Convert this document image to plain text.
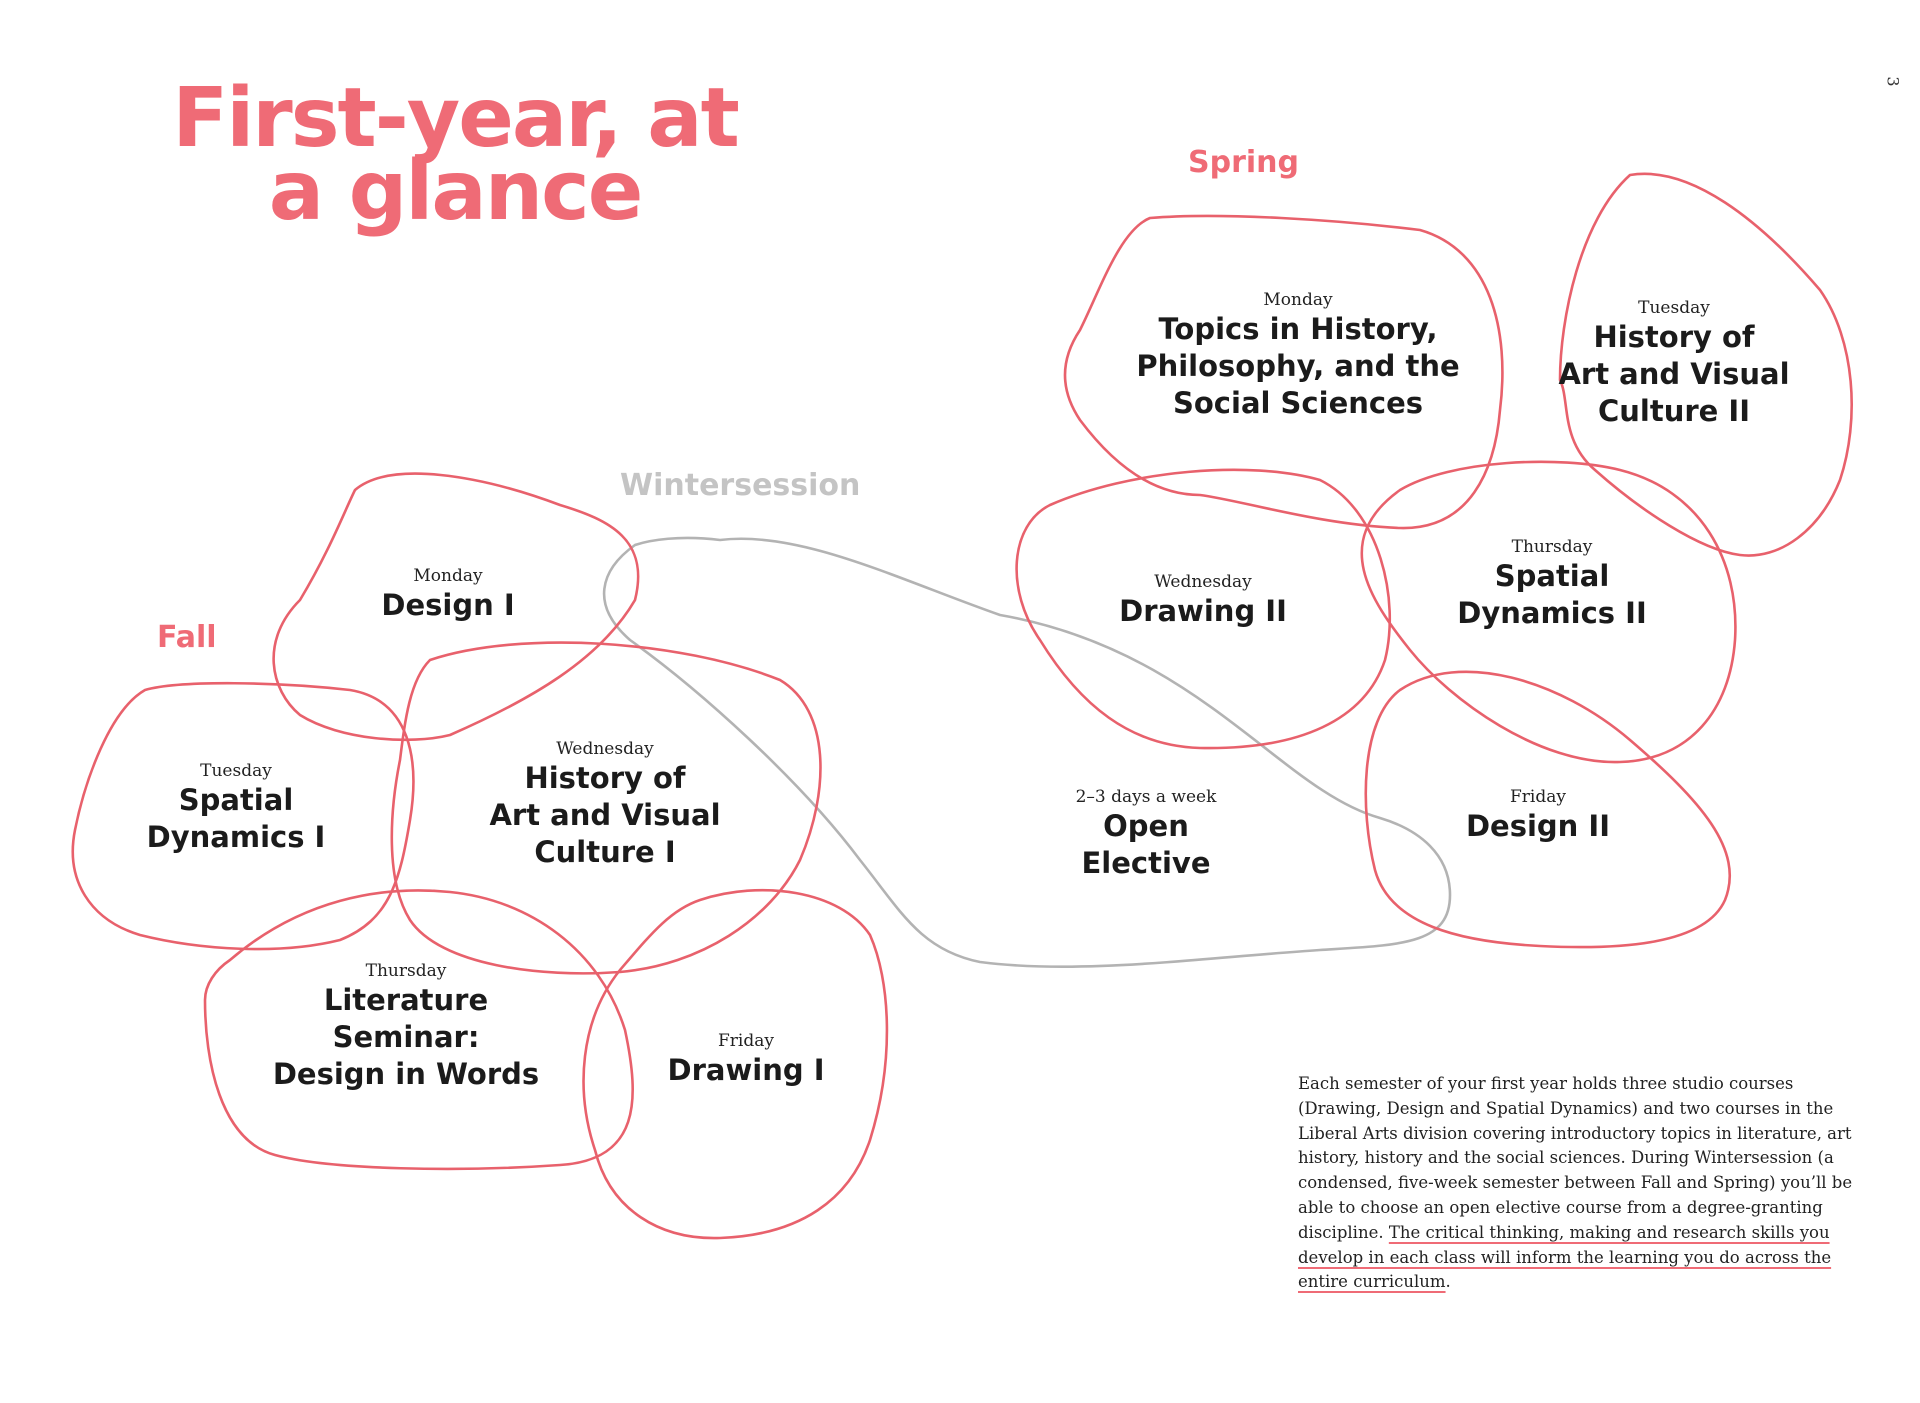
First-year, at a glance
3
Fall
Wintersession
Spring
Monday
Design I
Tuesday
Spatial
Dynamics I
Wednesday
History of
Art and Visual
Culture I
Thursday
Literature
Seminar:
Design in Words
Friday
Drawing I
2–3 days a week
Open
Elective
Monday
Topics in History,
Philosophy, and the
Social Sciences
Tuesday
History of
Art and Visual
Culture II
Wednesday
Drawing II
Thursday
Spatial
Dynamics II
Friday
Design II
Each semester of your first year holds three studio courses (Drawing, Design and Spatial Dynamics) and two courses in the Liberal Arts division covering introductory topics in literature, art history, history and the social sciences. During Wintersession (a condensed, five-week semester between Fall and Spring) you’ll be able to choose an open elective course from a degree-granting discipline. The critical thinking, making and research skills you develop in each class will inform the learning you do across the entire curriculum.
